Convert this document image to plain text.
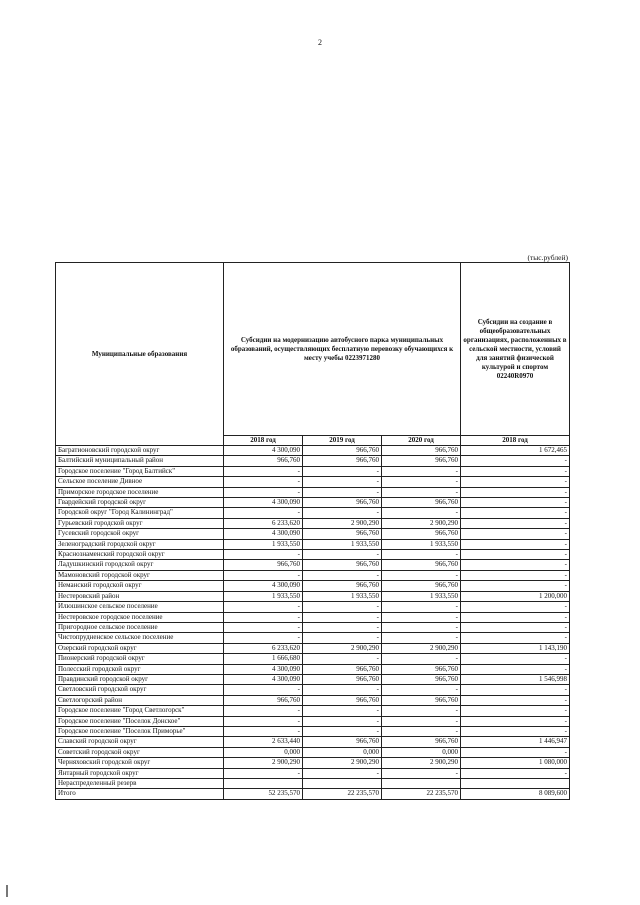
2
(тыс.рублей)
Муниципальные образования	Субсидии на модернизацию автобусного парка муниципальных образований, осуществляющих бесплатную перевозку обучающихся к месту учебы 0223971280			Субсидии на создание в общеобразовательных организациях, расположенных в сельской местности, условий для занятий физической культурой и спортом 02240R0970
	2018 год	2019 год	2020 год	2018 год
Багратионовский городской округ	4 300,090	966,760	966,760	1 672,465
Балтийский муниципальный район	966,760	966,760	966,760	-
Городское поселение "Город Балтийск"	-	-	-	-
Сельское поселение Дивное	-	-	-	-
Приморское городское поселение	-	-	-	-
Гвардейский городской округ	4 300,090	966,760	966,760	-
Городской округ "Город Калининград"	-	-	-	-
Гурьевский городской округ	6 233,620	2 900,290	2 900,290	-
Гусевский городской округ	4 300,090	966,760	966,760	-
Зеленоградский городской округ	1 933,550	1 933,550	1 933,550	-
Краснознаменский городской округ	-	-	-	-
Ладушкинский городской округ	966,760	966,760	966,760	-
Мамоновский городской округ	-	-	-	-
Неманский городской округ	4 300,090	966,760	966,760	-
Нестеровский район	1 933,550	1 933,550	1 933,550	1 200,000
Илюшинское сельское поселение	-	-	-	-
Нестеровское городское поселение	-	-	-	-
Пригородное сельское поселение	-	-	-	-
Чистопрудненское сельское поселение	-	-	-	-
Озерский городской округ	6 233,620	2 900,290	2 900,290	1 143,190
Пионерский городской округ	1 666,680	-	-	-
Полесский городской округ	4 300,090	966,760	966,760	-
Правдинский городской округ	4 300,090	966,760	966,760	1 546,998
Светловский городской округ	-	-	-	-
Светлогорский район	966,760	966,760	966,760	-
Городское поселение "Город Светлогорск"	-	-	-	-
Городское поселение "Поселок Донское"	-	-	-	-
Городское поселение "Поселок Приморье"	-	-	-	-
Славский городской округ	2 633,440	966,760	966,760	1 446,947
Советский городской округ	0,000	0,000	0,000	-
Черняховский городской округ	2 900,290	2 900,290	2 900,290	1 080,000
Янтарный городской округ	-	-	-	-
Нераспределенный резерв				
Итого	52 235,570	22 235,570	22 235,570	8 089,600
